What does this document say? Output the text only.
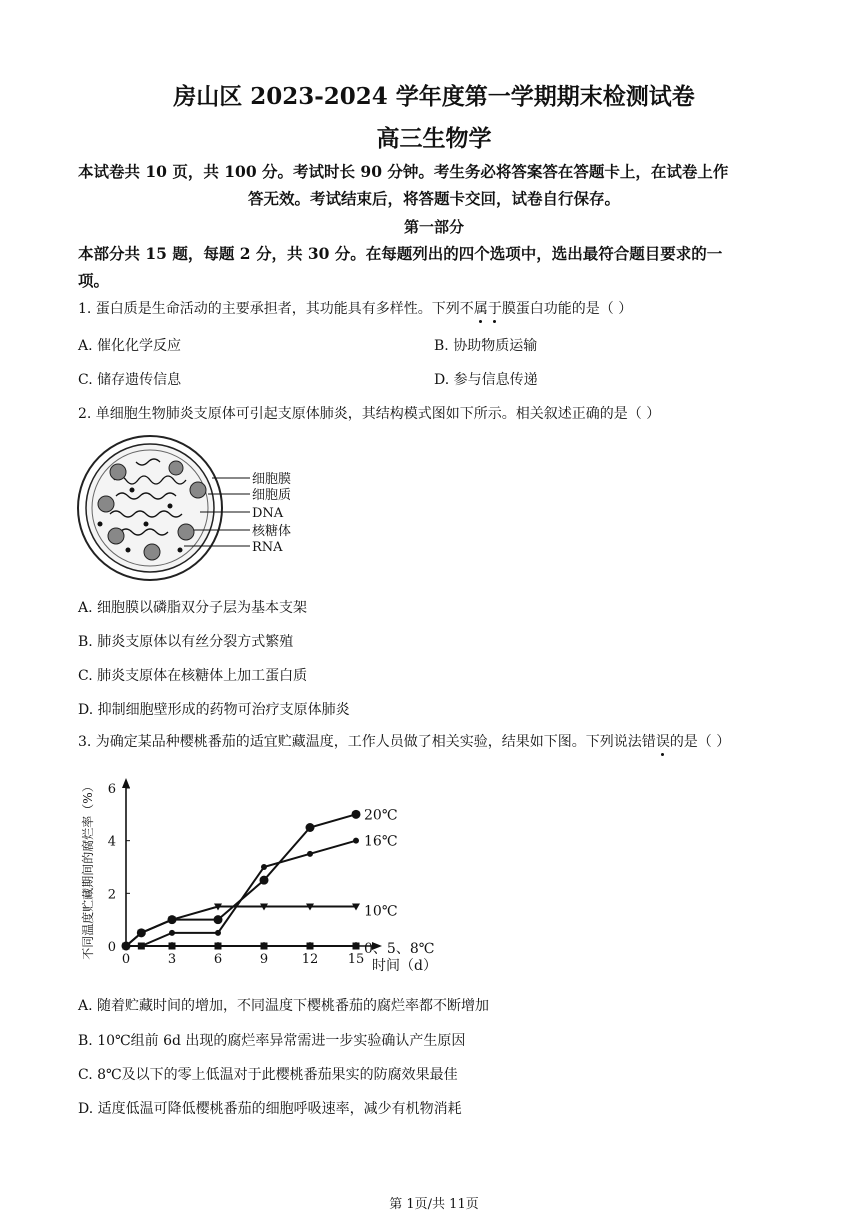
房山区 2023-2024 学年度第一学期期末检测试卷
高三生物学
本试卷共 10 页，共 100 分。考试时长 90 分钟。考生务必将答案答在答题卡上，在试卷上作
答无效。考试结束后，将答题卡交回，试卷自行保存。
第一部分
本部分共 15 题，每题 2 分，共 30 分。在每题列出的四个选项中，选出最符合题目要求的一
项。
1. 蛋白质是生命活动的主要承担者，其功能具有多样性。下列不属于膜蛋白功能的是（ ）
A. 催化化学反应	B. 协助物质运输
C. 储存遗传信息	D. 参与信息传递
2. 单细胞生物肺炎支原体可引起支原体肺炎，其结构模式图如下所示。相关叙述正确的是（ ）
细胞膜
细胞质
DNA
核糖体
RNA
A. 细胞膜以磷脂双分子层为基本支架
B. 肺炎支原体以有丝分裂方式繁殖
C. 肺炎支原体在核糖体上加工蛋白质
D. 抑制细胞壁形成的药物可治疗支原体肺炎
3. 为确定某品种樱桃番茄的适宜贮藏温度，工作人员做了相关实验，结果如下图。下列说法错误的是（ ）
不同温度贮藏期间的腐烂率（%）
时间（d）
0	3	6	9	12 15
0
2
4
6
20℃
16℃
10℃
0、5、8℃
A. 随着贮藏时间的增加，不同温度下樱桃番茄的腐烂率都不断增加
B. 10℃组前 6d 出现的腐烂率异常需进一步实验确认产生原因
C. 8℃及以下的零上低温对于此樱桃番茄果实的防腐效果最佳
D. 适度低温可降低樱桃番茄的细胞呼吸速率，减少有机物消耗
第 1页/共 11页
